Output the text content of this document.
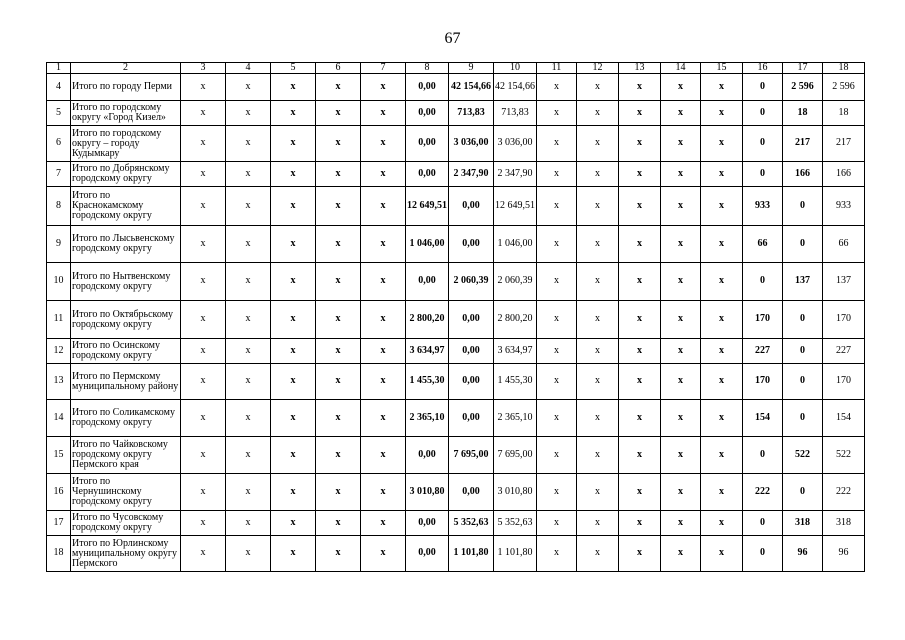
67
1	2	3	4	5	6	7	8	9	10	11	12	13	14	15	16	17	18
4	Итого по городу Перми	х	х	х	х	х	0,00	42 154,66	42 154,66	х	х	х	х	х	0	2 596	2 596
5	Итого по городскому округу «Город Кизел»	х	х	х	х	х	0,00	713,83	713,83	х	х	х	х	х	0	18	18
6	Итого по городскому округу – городу Кудымкару	х	х	х	х	х	0,00	3 036,00	3 036,00	х	х	х	х	х	0	217	217
7	Итого по Добрянскому городскому округу	х	х	х	х	х	0,00	2 347,90	2 347,90	х	х	х	х	х	0	166	166
8	Итого по Краснокамскому городскому округу	х	х	х	х	х	12 649,51	0,00	12 649,51	х	х	х	х	х	933	0	933
9	Итого по Лысьвенскому городскому округу	х	х	х	х	х	1 046,00	0,00	1 046,00	х	х	х	х	х	66	0	66
10	Итого по Нытвенскому городскому округу	х	х	х	х	х	0,00	2 060,39	2 060,39	х	х	х	х	х	0	137	137
11	Итого по Октябрьскому городскому округу	х	х	х	х	х	2 800,20	0,00	2 800,20	х	х	х	х	х	170	0	170
12	Итого по Осинскому городскому округу	х	х	х	х	х	3 634,97	0,00	3 634,97	х	х	х	х	х	227	0	227
13	Итого по Пермскому муниципальному району	х	х	х	х	х	1 455,30	0,00	1 455,30	х	х	х	х	х	170	0	170
14	Итого по Соликамскому городскому округу	х	х	х	х	х	2 365,10	0,00	2 365,10	х	х	х	х	х	154	0	154
15	Итого по Чайковскому городскому округу Пермского края	х	х	х	х	х	0,00	7 695,00	7 695,00	х	х	х	х	х	0	522	522
16	Итого по Чернушинскому городскому округу	х	х	х	х	х	3 010,80	0,00	3 010,80	х	х	х	х	х	222	0	222
17	Итого по Чусовскому городскому округу	х	х	х	х	х	0,00	5 352,63	5 352,63	х	х	х	х	х	0	318	318
18	Итого по Юрлинскому муниципальному округу Пермского	х	х	х	х	х	0,00	1 101,80	1 101,80	х	х	х	х	х	0	96	96
